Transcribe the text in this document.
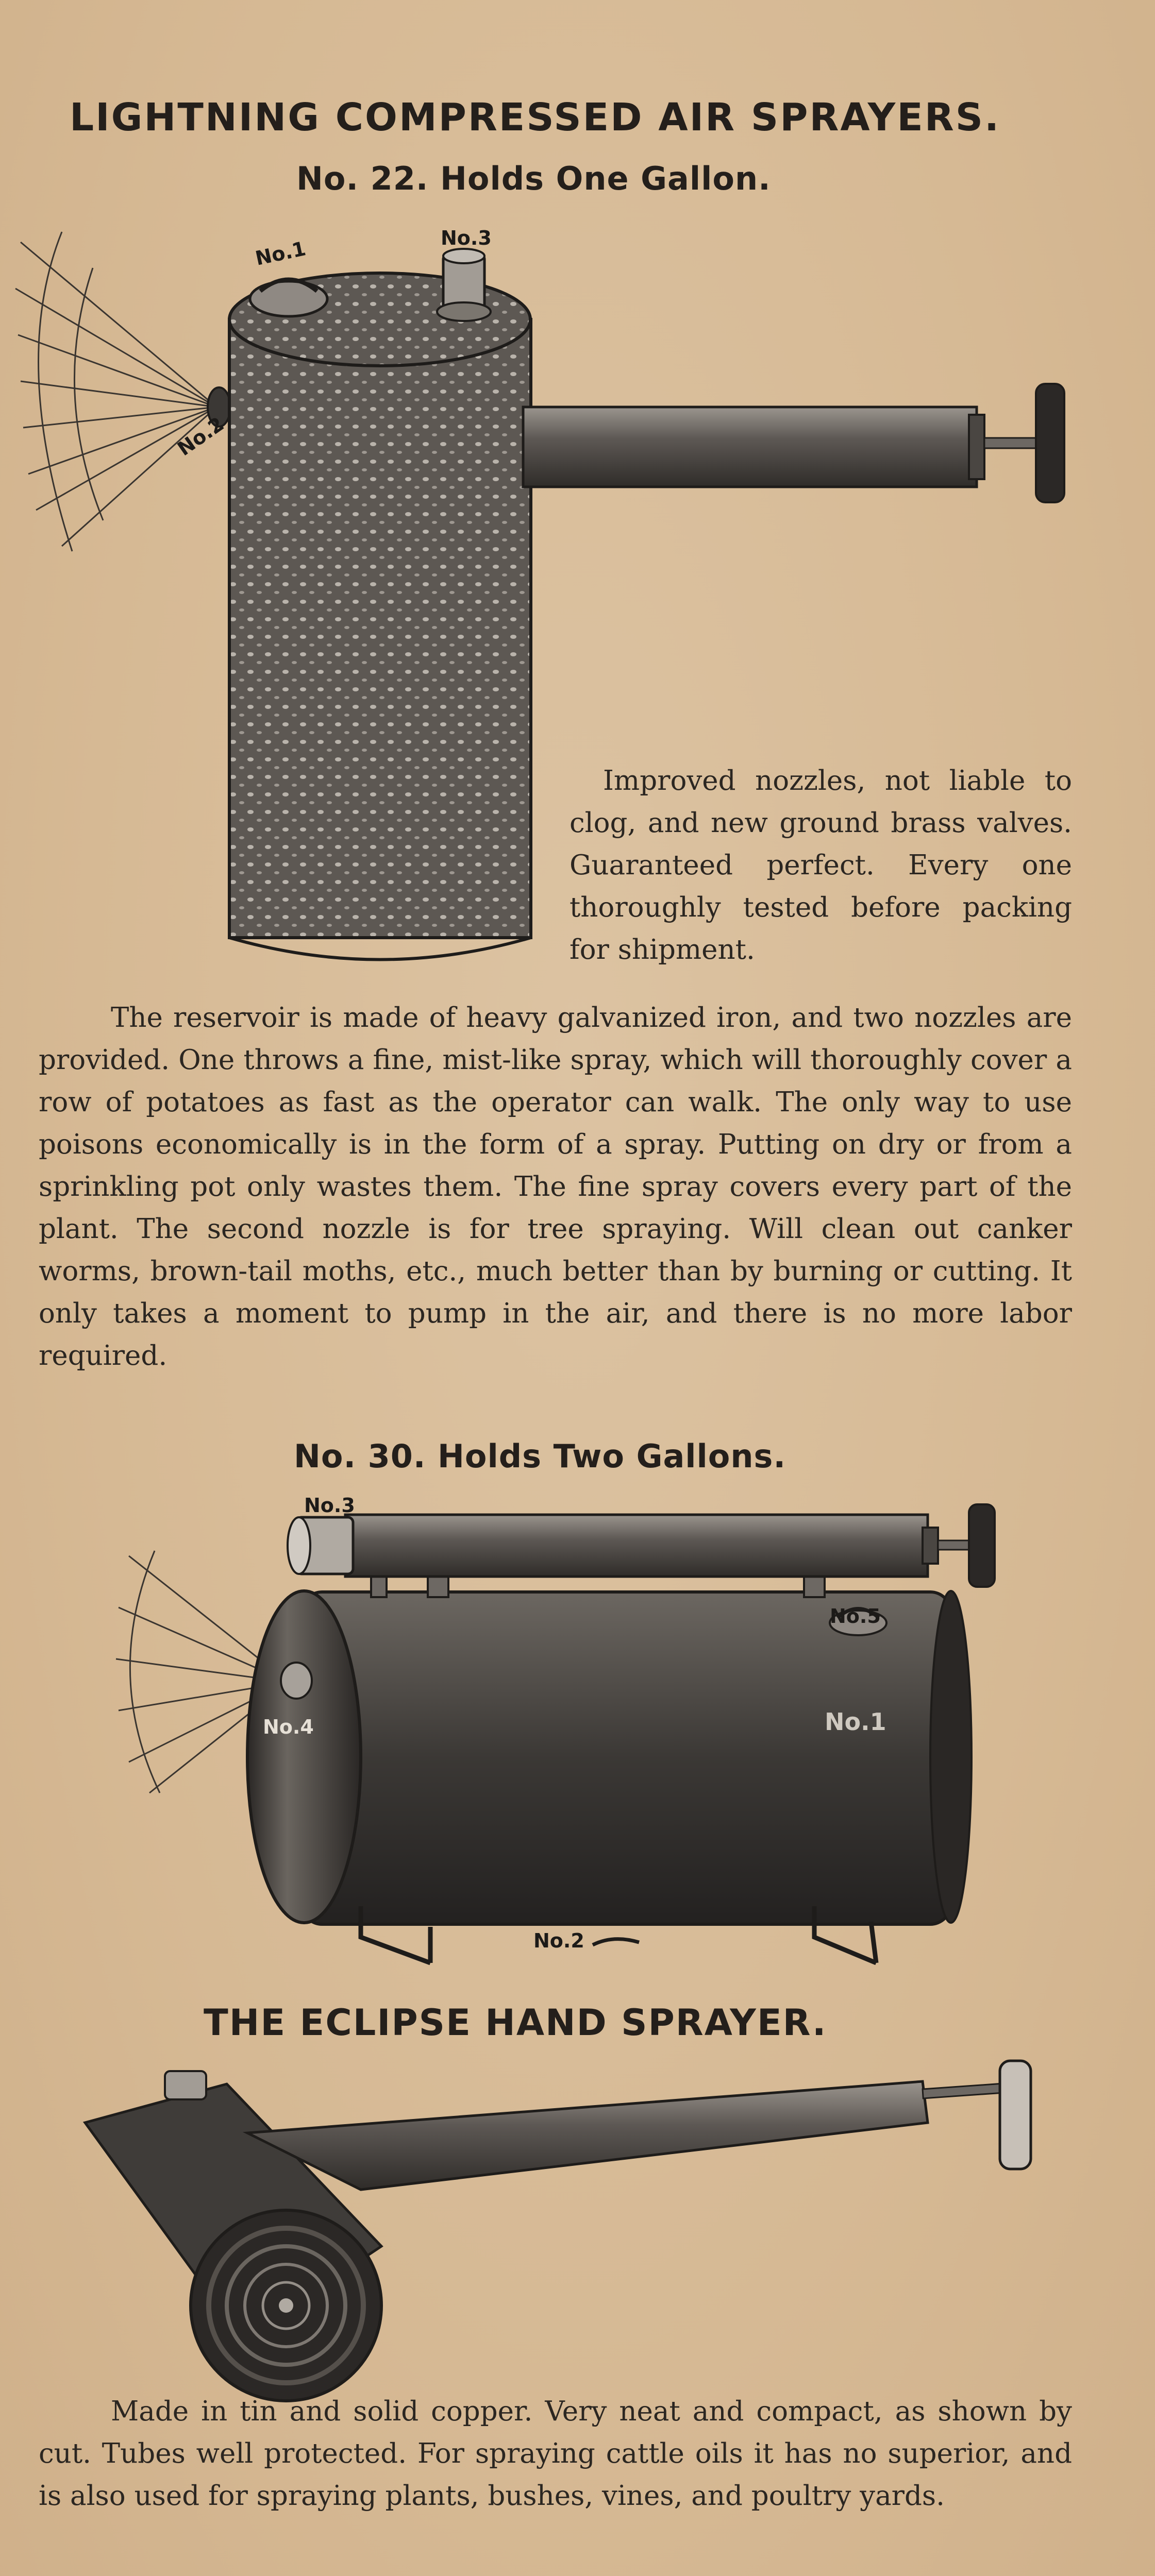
LIGHTNING COMPRESSED AIR SPRAYERS.
No. 22. Holds One Gallon.
No.1	No.3
No.2
Improved nozzles, not liable to clog, and new ground brass valves. Guaranteed perfect. Every one thoroughly tested before packing for shipment.
The reservoir is made of heavy galvanized iron, and two nozzles are provided. One throws a fine, mist-like spray, which will thoroughly cover a row of potatoes as fast as the operator can walk. The only way to use poisons economically is in the form of a spray. Putting on dry or from a sprinkling pot only wastes them. The fine spray covers every part of the plant. The second nozzle is for tree spraying. Will clean out canker worms, brown-tail moths, etc., much better than by burning or cutting. It only takes a moment to pump in the air, and there is no more labor required.
No. 30. Holds Two Gallons.
No.3
No.5
No.4	No.1
No.2
THE ECLIPSE HAND SPRAYER.
Made in tin and solid copper. Very neat and compact, as shown by cut. Tubes well protected. For spraying cattle oils it has no superior, and is also used for spraying plants, bushes, vines, and poultry yards.
